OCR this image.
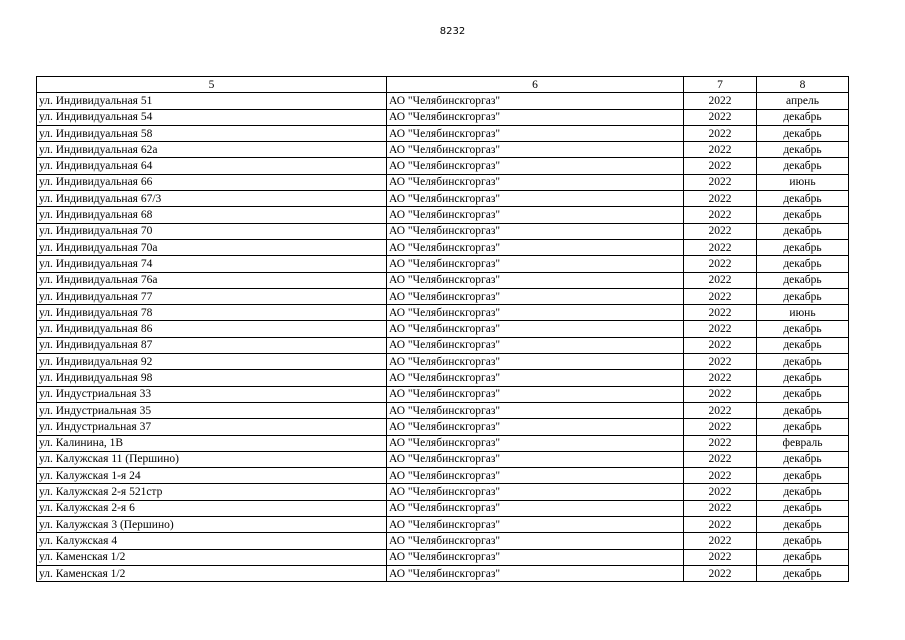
8232
5	6	7	8
ул. Индивидуальная 51	АО "Челябинскгоргаз"	2022	апрель
ул. Индивидуальная 54	АО "Челябинскгоргаз"	2022	декабрь
ул. Индивидуальная 58	АО "Челябинскгоргаз"	2022	декабрь
ул. Индивидуальная 62а	АО "Челябинскгоргаз"	2022	декабрь
ул. Индивидуальная 64	АО "Челябинскгоргаз"	2022	декабрь
ул. Индивидуальная 66	АО "Челябинскгоргаз"	2022	июнь
ул. Индивидуальная 67/3	АО "Челябинскгоргаз"	2022	декабрь
ул. Индивидуальная 68	АО "Челябинскгоргаз"	2022	декабрь
ул. Индивидуальная 70	АО "Челябинскгоргаз"	2022	декабрь
ул. Индивидуальная 70а	АО "Челябинскгоргаз"	2022	декабрь
ул. Индивидуальная 74	АО "Челябинскгоргаз"	2022	декабрь
ул. Индивидуальная 76а	АО "Челябинскгоргаз"	2022	декабрь
ул. Индивидуальная 77	АО "Челябинскгоргаз"	2022	декабрь
ул. Индивидуальная 78	АО "Челябинскгоргаз"	2022	июнь
ул. Индивидуальная 86	АО "Челябинскгоргаз"	2022	декабрь
ул. Индивидуальная 87	АО "Челябинскгоргаз"	2022	декабрь
ул. Индивидуальная 92	АО "Челябинскгоргаз"	2022	декабрь
ул. Индивидуальная 98	АО "Челябинскгоргаз"	2022	декабрь
ул. Индустриальная 33	АО "Челябинскгоргаз"	2022	декабрь
ул. Индустриальная 35	АО "Челябинскгоргаз"	2022	декабрь
ул. Индустриальная 37	АО "Челябинскгоргаз"	2022	декабрь
ул. Калинина, 1В	АО "Челябинскгоргаз"	2022	февраль
ул. Калужская 11 (Першино)	АО "Челябинскгоргаз"	2022	декабрь
ул. Калужская 1-я 24	АО "Челябинскгоргаз"	2022	декабрь
ул. Калужская 2-я 521стр	АО "Челябинскгоргаз"	2022	декабрь
ул. Калужская 2-я 6	АО "Челябинскгоргаз"	2022	декабрь
ул. Калужская 3 (Першино)	АО "Челябинскгоргаз"	2022	декабрь
ул. Калужская 4	АО "Челябинскгоргаз"	2022	декабрь
ул. Каменская 1/2	АО "Челябинскгоргаз"	2022	декабрь
ул. Каменская 1/2	АО "Челябинскгоргаз"	2022	декабрь
